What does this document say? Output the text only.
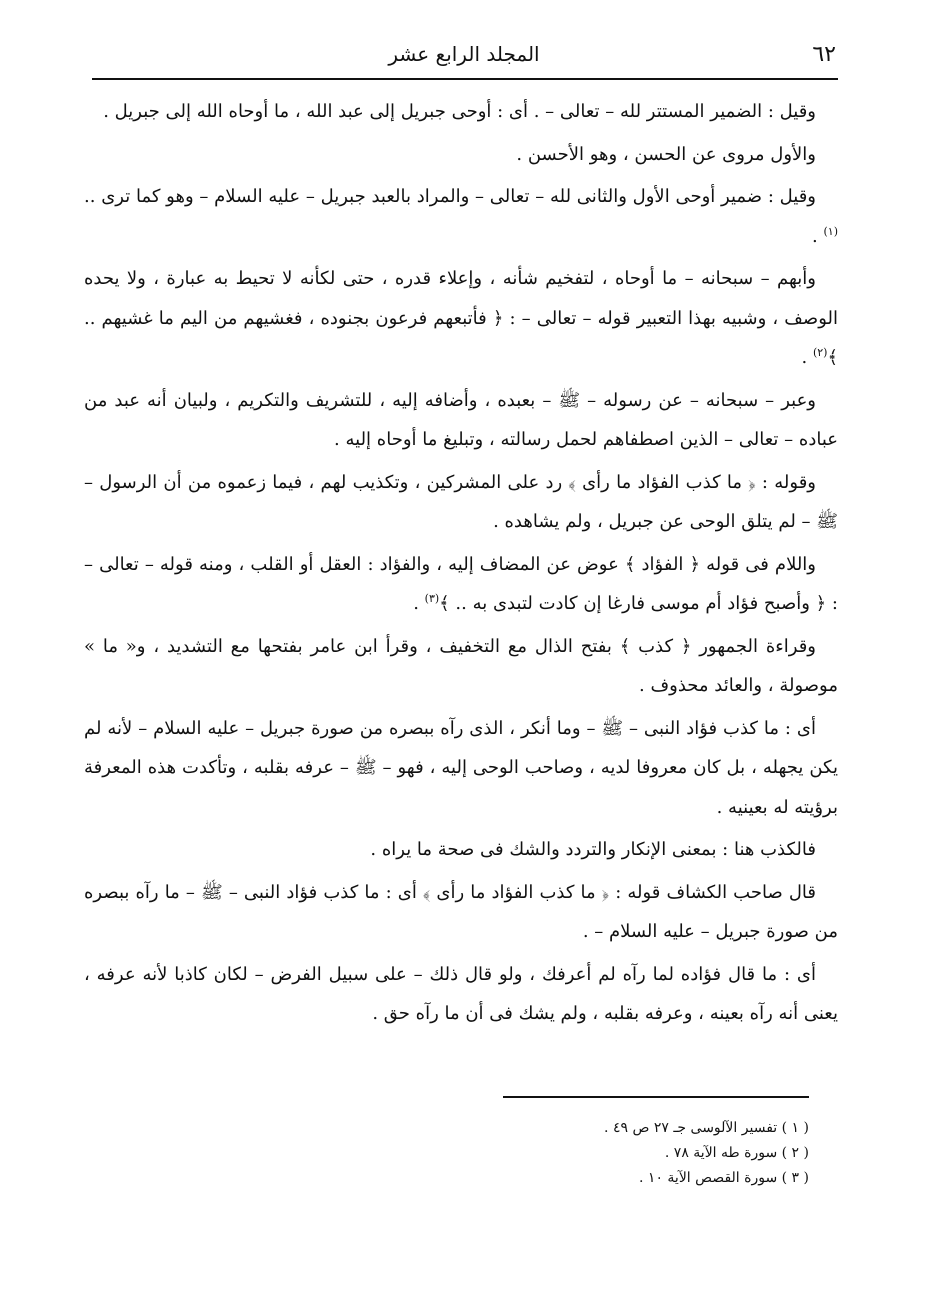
٦٢
المجلد الرابع عشر

وقيل : الضمير المستتر لله – تعالى – . أى : أوحى جبريل إلى عبد الله ، ما أوحاه الله إلى جبريل .

والأول مروى عن الحسن ، وهو الأحسن .

وقيل : ضمير أوحى الأول والثانى لله – تعالى – والمراد بالعبد جبريل – عليه السلام – وهو كما ترى ..$^{(١)}$ .

وأبهم – سبحانه – ما أوحاه ، لتفخيم شأنه ، وإعلاء قدره ، حتى لكأنه لا تحيط به عبارة ، ولا يحده الوصف ، وشبيه بهذا التعبير قوله – تعالى – : ﴿ فأتبعهم فرعون بجنوده ، فغشيهم من اليم ما غشيهم .. ﴾$^{(٢)}$ .

وعبر – سبحانه – عن رسوله – ﷺ – بعبده ، وأضافه إليه ، للتشريف والتكريم ، ولبيان أنه عبد من عباده – تعالى – الذين اصطفاهم لحمل رسالته ، وتبليغ ما أوحاه إليه .

وقوله : ﴿ ما كذب الفؤاد ما رأى ﴾ رد على المشركين ، وتكذيب لهم ، فيما زعموه من أن الرسول – ﷺ – لم يتلق الوحى عن جبريل ، ولم يشاهده .

واللام فى قوله ﴿ الفؤاد ﴾ عوض عن المضاف إليه ، والفؤاد : العقل أو القلب ، ومنه قوله – تعالى – : ﴿ وأصبح فؤاد أم موسى فارغا إن كادت لتبدى به .. ﴾$^{(٣)}$ .

وقراءة الجمهور ﴿ كذب ﴾ بفتح الذال مع التخفيف ، وقرأ ابن عامر بفتحها مع التشديد ، و« ما » موصولة ، والعائد محذوف .

أى : ما كذب فؤاد النبى – ﷺ – وما أنكر ، الذى رآه ببصره من صورة جبريل – عليه السلام – لأنه لم يكن يجهله ، بل كان معروفا لديه ، وصاحب الوحى إليه ، فهو – ﷺ – عرفه بقلبه ، وتأكدت هذه المعرفة برؤيته له بعينيه .

فالكذب هنا : بمعنى الإنكار والتردد والشك فى صحة ما يراه .

قال صاحب الكشاف قوله : ﴿ ما كذب الفؤاد ما رأى ﴾ أى : ما كذب فؤاد النبى – ﷺ – ما رآه ببصره من صورة جبريل – عليه السلام – .

أى : ما قال فؤاده لما رآه لم أعرفك ، ولو قال ذلك – على سبيل الفرض – لكان كاذبا لأنه عرفه ، يعنى أنه رآه بعينه ، وعرفه بقلبه ، ولم يشك فى أن ما رآه حق .

( ١ ) تفسير الآلوسى جـ ٢٧ ص ٤٩ .

( ٢ ) سورة طه الآية ٧٨ .

( ٣ ) سورة القصص الآية ١٠ .
